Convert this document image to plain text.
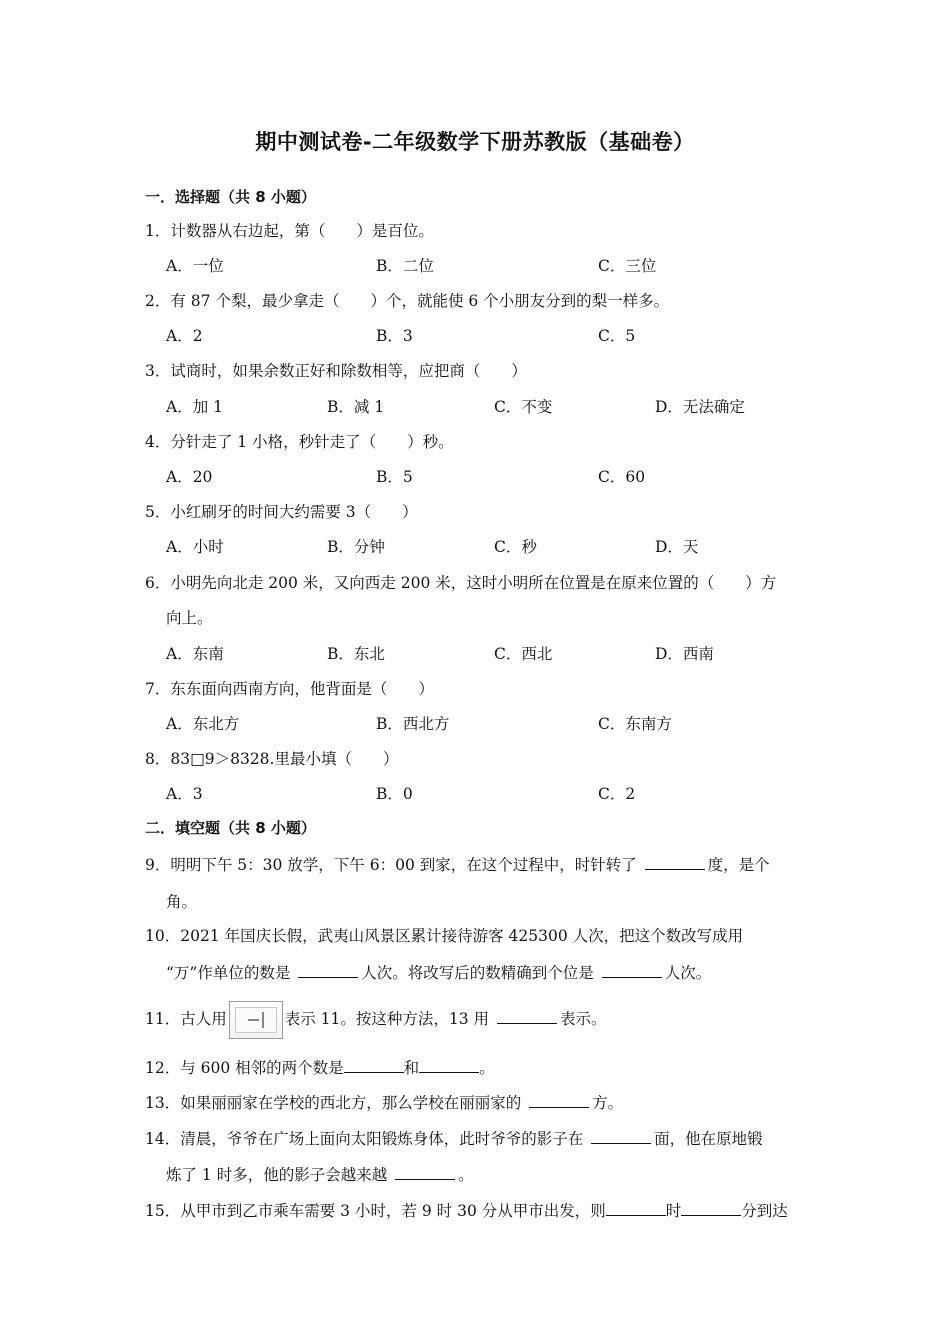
期中测试卷-二年级数学下册苏教版（基础卷）
一．选择题（共 8 小题）
1．计数器从右边起，第（　　）是百位。
A．一位	B．二位	C．三位
2．有 87 个梨，最少拿走（　　）个，就能使 6 个小朋友分到的梨一样多。
A．2	B．3	C．5
3．试商时，如果余数正好和除数相等，应把商（　　）
A．加 1	B．减 1	C．不变	D．无法确定
4．分针走了 1 小格，秒针走了（　　）秒。
A．20	B．5	C．60
5．小红刷牙的时间大约需要 3（　　）
A．小时	B．分钟	C．秒	D．天
6．小明先向北走 200 米，又向西走 200 米，这时小明所在位置是在原来位置的（　　）方
向上。
A．东南	B．东北	C．西北	D．西南
7．东东面向西南方向，他背面是（　　）
A．东北方	B．西北方	C．东南方
8．83□9＞8328.里最小填（　　）
A．3	B．0	C．2
二．填空题（共 8 小题）
9．明明下午 5：30 放学，下午 6：00 到家，在这个过程中，时针转了	度，是个
角。
10．2021 年国庆长假，武夷山风景区累计接待游客 425300 人次，把这个数改写成用
“万”作单位的数是	人次。将改写后的数精确到个位是	人次。
11．古人用	表示 11。按这种方法，13 用	表示。
12．与 600 相邻的两个数是	和	。
13．如果丽丽家在学校的西北方，那么学校在丽丽家的	方。
14．清晨，爷爷在广场上面向太阳锻炼身体，此时爷爷的影子在	面，他在原地锻
炼了 1 时多，他的影子会越来越	。
15．从甲市到乙市乘车需要 3 小时，若 9 时 30 分从甲市出发，则	时	分到达
